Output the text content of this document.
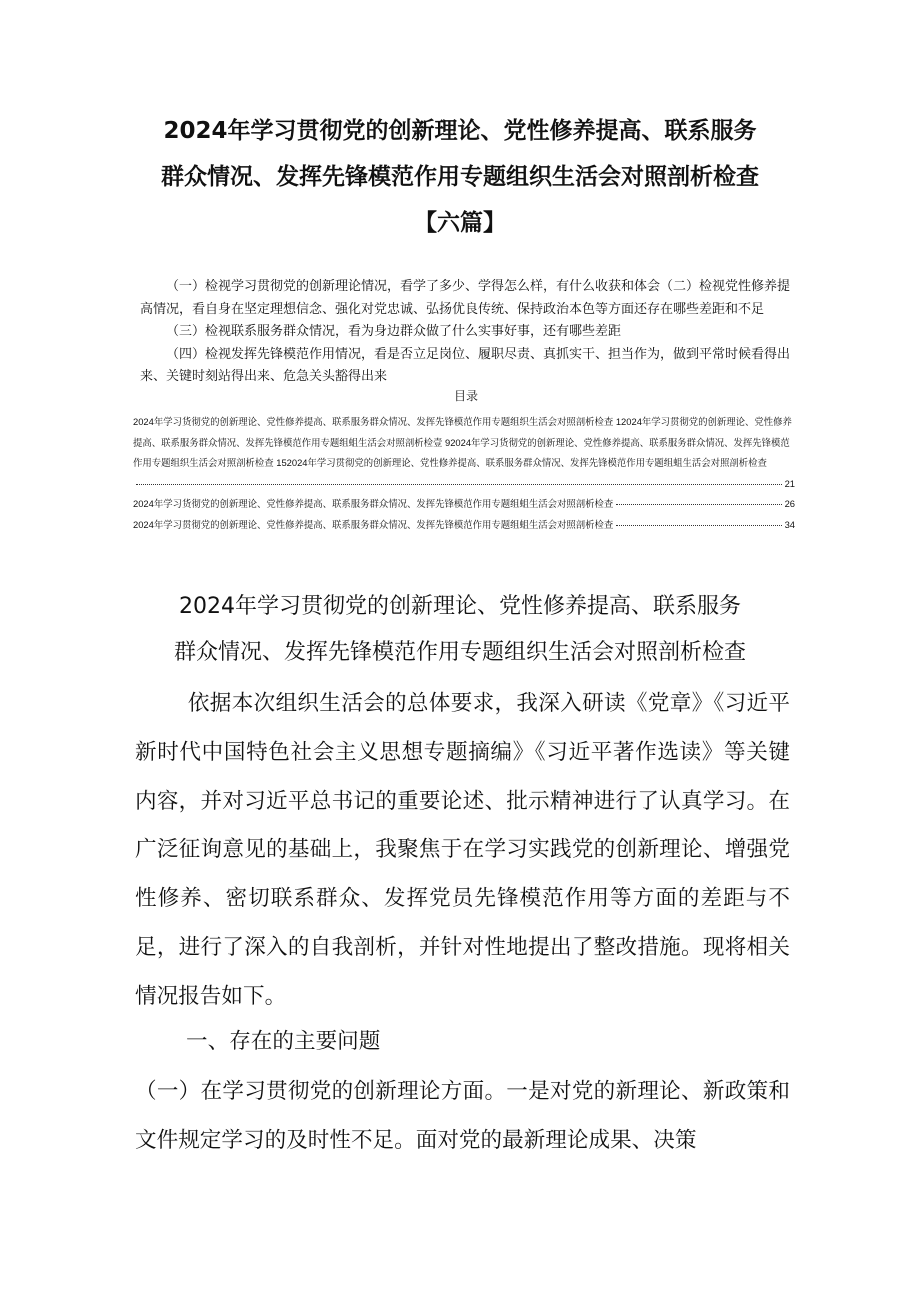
2024年学习贯彻党的创新理论、党性修养提高、联系服务
群众情况、发挥先锋模范作用专题组织生活会对照剖析检查
【六篇】

（一）检视学习贯彻党的创新理论情况，看学了多少、学得怎么样，有什么收获和体会（二）检视党性修养提高情况，看自身在坚定理想信念、强化对党忠诚、弘扬优良传统、保持政治本色等方面还存在哪些差距和不足

（三）检视联系服务群众情况，看为身边群众做了什么实事好事，还有哪些差距

（四）检视发挥先锋模范作用情况，看是否立足岗位、履职尽责、真抓实干、担当作为，做到平常时候看得出来、关键时刻站得出来、危急关头豁得出来

目录

2024年学习货彻党的创新理论、党性修养提高、联系服务群众情况、发挥先锋模范作用专题组织生活会对照剖析检查 12024年学习贯彻党的创新理论、党性修养提高、联系服务群众情况、发挥先锋模范作用专题组蛆生活会对照剖析检壹 92024年学习货彻党的创新理论、党性修养提高、联系服务群众情况、发挥先锋模范作用专题组织生活会对照剖析检查 152024年学习贯彻党的创新理论、党性修养提高、联系服务群众情况、发挥先锋模范作用专题组蛆生活会对照剖析检查

21

2024年学习货彻党的创新理论、党性修养提高、联系服务群众情况、发挥先锋模范作用专题组蛆生活会对照剖析检查	26

2024年学习贯彻党的创新理论、党性修养提高、联系服务群众情况、发挥先锋模范作用专题组蛆生活会对照剖析检查	34

2024年学习贯彻党的创新理论、党性修养提高、联系服务
群众情况、发挥先锋模范作用专题组织生活会对照剖析检查

依据本次组织生活会的总体要求，我深入研读《党章》《习近平新时代中国特色社会主义思想专题摘编》《习近平著作选读》等关键内容，并对习近平总书记的重要论述、批示精神进行了认真学习。在广泛征询意见的基础上，我聚焦于在学习实践党的创新理论、增强党性修养、密切联系群众、发挥党员先锋模范作用等方面的差距与不足，进行了深入的自我剖析，并针对性地提出了整改措施。现将相关情况报告如下。

一、存在的主要问题

（一）在学习贯彻党的创新理论方面。一是对党的新理论、新政策和文件规定学习的及时性不足。面对党的最新理论成果、决策
